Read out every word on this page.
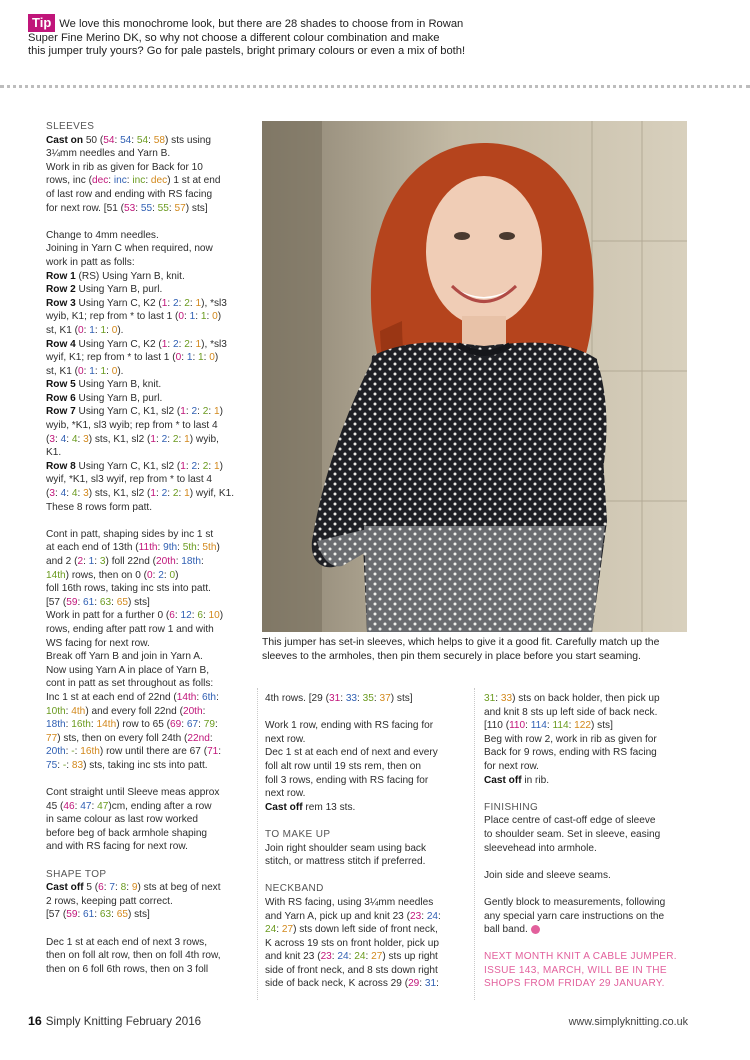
Tip We love this monochrome look, but there are 28 shades to choose from in Rowan
Super Fine Merino DK, so why not choose a different colour combination and make
this jumper truly yours? Go for pale pastels, bright primary colours or even a mix of both!
SLEEVES

Cast on 50 (54: 54: 54: 58) sts using
3¼mm needles and Yarn B.
Work in rib as given for Back for 10
rows, inc (dec: inc: inc: dec) 1 st at end
of last row and ending with RS facing
for next row. [51 (53: 55: 55: 57) sts]

Change to 4mm needles.
Joining in Yarn C when required, now
work in patt as folls:
Row 1 (RS) Using Yarn B, knit.
Row 2 Using Yarn B, purl.
Row 3 Using Yarn C, K2 (1: 2: 2: 1), *sl3
wyib, K1; rep from * to last 1 (0: 1: 1: 0)
st, K1 (0: 1: 1: 0).
Row 4 Using Yarn C, K2 (1: 2: 2: 1), *sl3
wyif, K1; rep from * to last 1 (0: 1: 1: 0)
st, K1 (0: 1: 1: 0).
Row 5 Using Yarn B, knit.
Row 6 Using Yarn B, purl.
Row 7 Using Yarn C, K1, sl2 (1: 2: 2: 1)
wyib, *K1, sl3 wyib; rep from * to last 4
(3: 4: 4: 3) sts, K1, sl2 (1: 2: 2: 1) wyib,
K1.
Row 8 Using Yarn C, K1, sl2 (1: 2: 2: 1)
wyif, *K1, sl3 wyif, rep from * to last 4
(3: 4: 4: 3) sts, K1, sl2 (1: 2: 2: 1) wyif, K1.
These 8 rows form patt.

Cont in patt, shaping sides by inc 1 st
at each end of 13th (11th: 9th: 5th: 5th)
and 2 (2: 1: 3) foll 22nd (20th: 18th:
14th) rows, then on 0 (0: 2: 0)
foll 16th rows, taking inc sts into patt.
[57 (59: 61: 63: 65) sts]
Work in patt for a further 0 (6: 12: 6: 10)
rows, ending after patt row 1 and with
WS facing for next row.
Break off Yarn B and join in Yarn A.
Now using Yarn A in place of Yarn B,
cont in patt as set throughout as folls:
Inc 1 st at each end of 22nd (14th: 6th:
10th: 4th) and every foll 22nd (20th:
18th: 16th: 14th) row to 65 (69: 67: 79:
77) sts, then on every foll 24th (22nd:
20th: -: 16th) row until there are 67 (71:
75: -: 83) sts, taking inc sts into patt.

Cont straight until Sleeve meas approx
45 (46: 47: 47)cm, ending after a row
in same colour as last row worked
before beg of back armhole shaping
and with RS facing for next row.

SHAPE TOP

Cast off 5 (6: 7: 8: 9) sts at beg of next
2 rows, keeping patt correct.
[57 (59: 61: 63: 65) sts]

Dec 1 st at each end of next 3 rows,
then on foll alt row, then on foll 4th row,
then on 6 foll 6th rows, then on 3 foll

This jumper has set-in sleeves, which helps to give it a good fit. Carefully match up the
sleeves to the armholes, then pin them securely in place before you start seaming.

4th rows. [29 (31: 33: 35: 37) sts]

Work 1 row, ending with RS facing for
next row.
Dec 1 st at each end of next and every
foll alt row until 19 sts rem, then on
foll 3 rows, ending with RS facing for
next row.
Cast off rem 13 sts.

TO MAKE UP

Join right shoulder seam using back
stitch, or mattress stitch if preferred.

NECKBAND

With RS facing, using 3¼mm needles
and Yarn A, pick up and knit 23 (23: 24:
24: 27) sts down left side of front neck,
K across 19 sts on front holder, pick up
and knit 23 (23: 24: 24: 27) sts up right
side of front neck, and 8 sts down right
side of back neck, K across 29 (29: 31:

31: 33) sts on back holder, then pick up
and knit 8 sts up left side of back neck.
[110 (110: 114: 114: 122) sts]
Beg with row 2, work in rib as given for
Back for 9 rows, ending with RS facing
for next row.
Cast off in rib.

FINISHING

Place centre of cast-off edge of sleeve
to shoulder seam. Set in sleeve, easing
sleevehead into armhole.

Join side and sleeve seams.

Gently block to measurements, following
any special yarn care instructions on the
ball band.

NEXT MONTH KNIT A CABLE JUMPER.
ISSUE 143, MARCH, WILL BE IN THE
SHOPS FROM FRIDAY 29 JANUARY.

16 Simply Knitting February 2016	www.simplyknitting.co.uk
